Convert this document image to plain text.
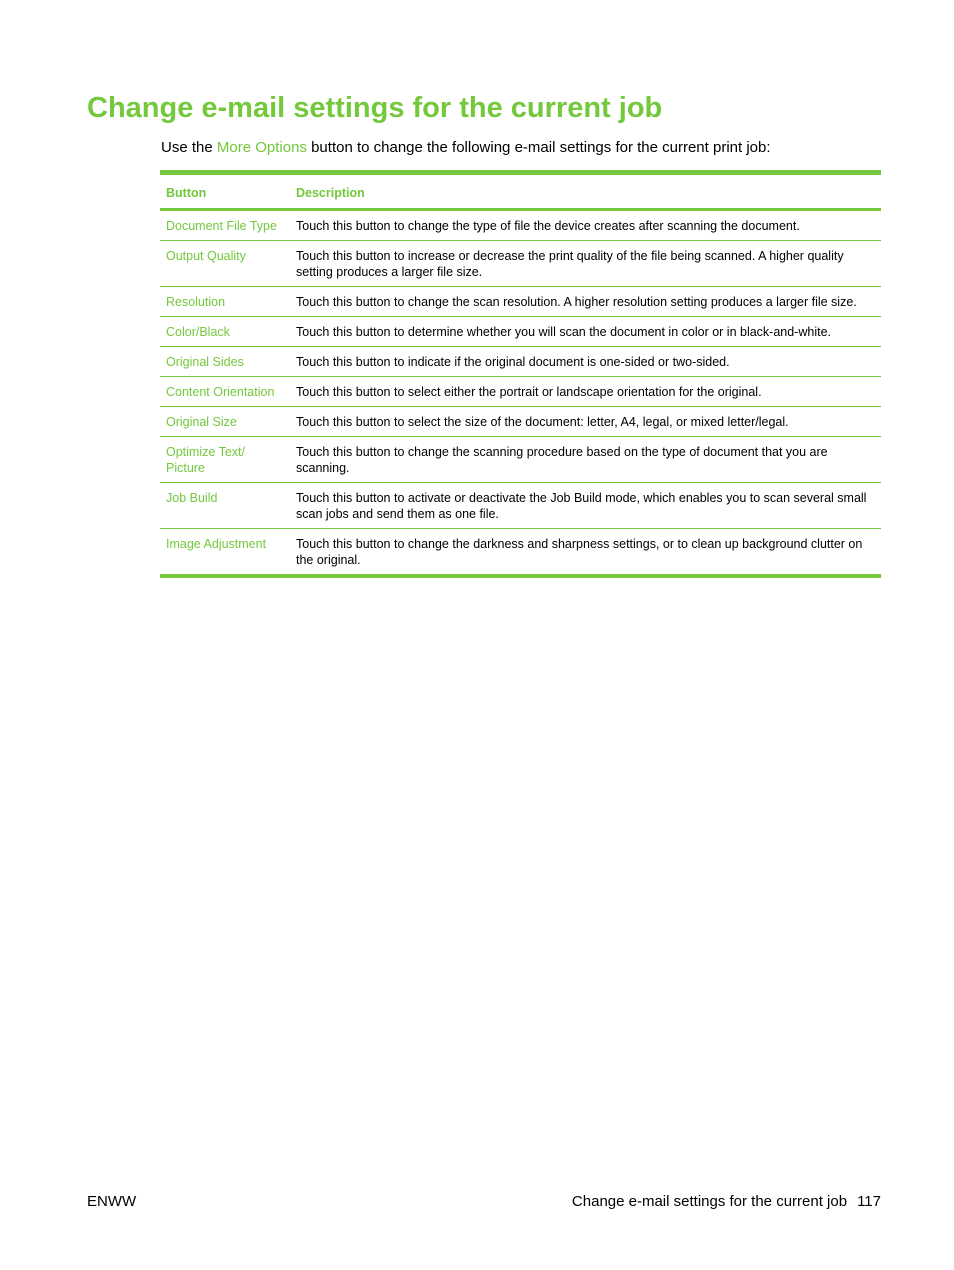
Change e-mail settings for the current job

Use the More Options button to change the following e-mail settings for the current print job:

Button	Description
Document File Type	Touch this button to change the type of file the device creates after scanning the document.
Output Quality	Touch this button to increase or decrease the print quality of the file being scanned. A higher quality setting produces a larger file size.
Resolution	Touch this button to change the scan resolution. A higher resolution setting produces a larger file size.
Color/Black	Touch this button to determine whether you will scan the document in color or in black-and-white.
Original Sides	Touch this button to indicate if the original document is one-sided or two-sided.
Content Orientation	Touch this button to select either the portrait or landscape orientation for the original.
Original Size	Touch this button to select the size of the document: letter, A4, legal, or mixed letter/legal.
Optimize Text/ Picture	Touch this button to change the scanning procedure based on the type of document that you are scanning.
Job Build	Touch this button to activate or deactivate the Job Build mode, which enables you to scan several small scan jobs and send them as one file.
Image Adjustment	Touch this button to change the darkness and sharpness settings, or to clean up background clutter on the original.
ENWW	Change e-mail settings for the current job 117
